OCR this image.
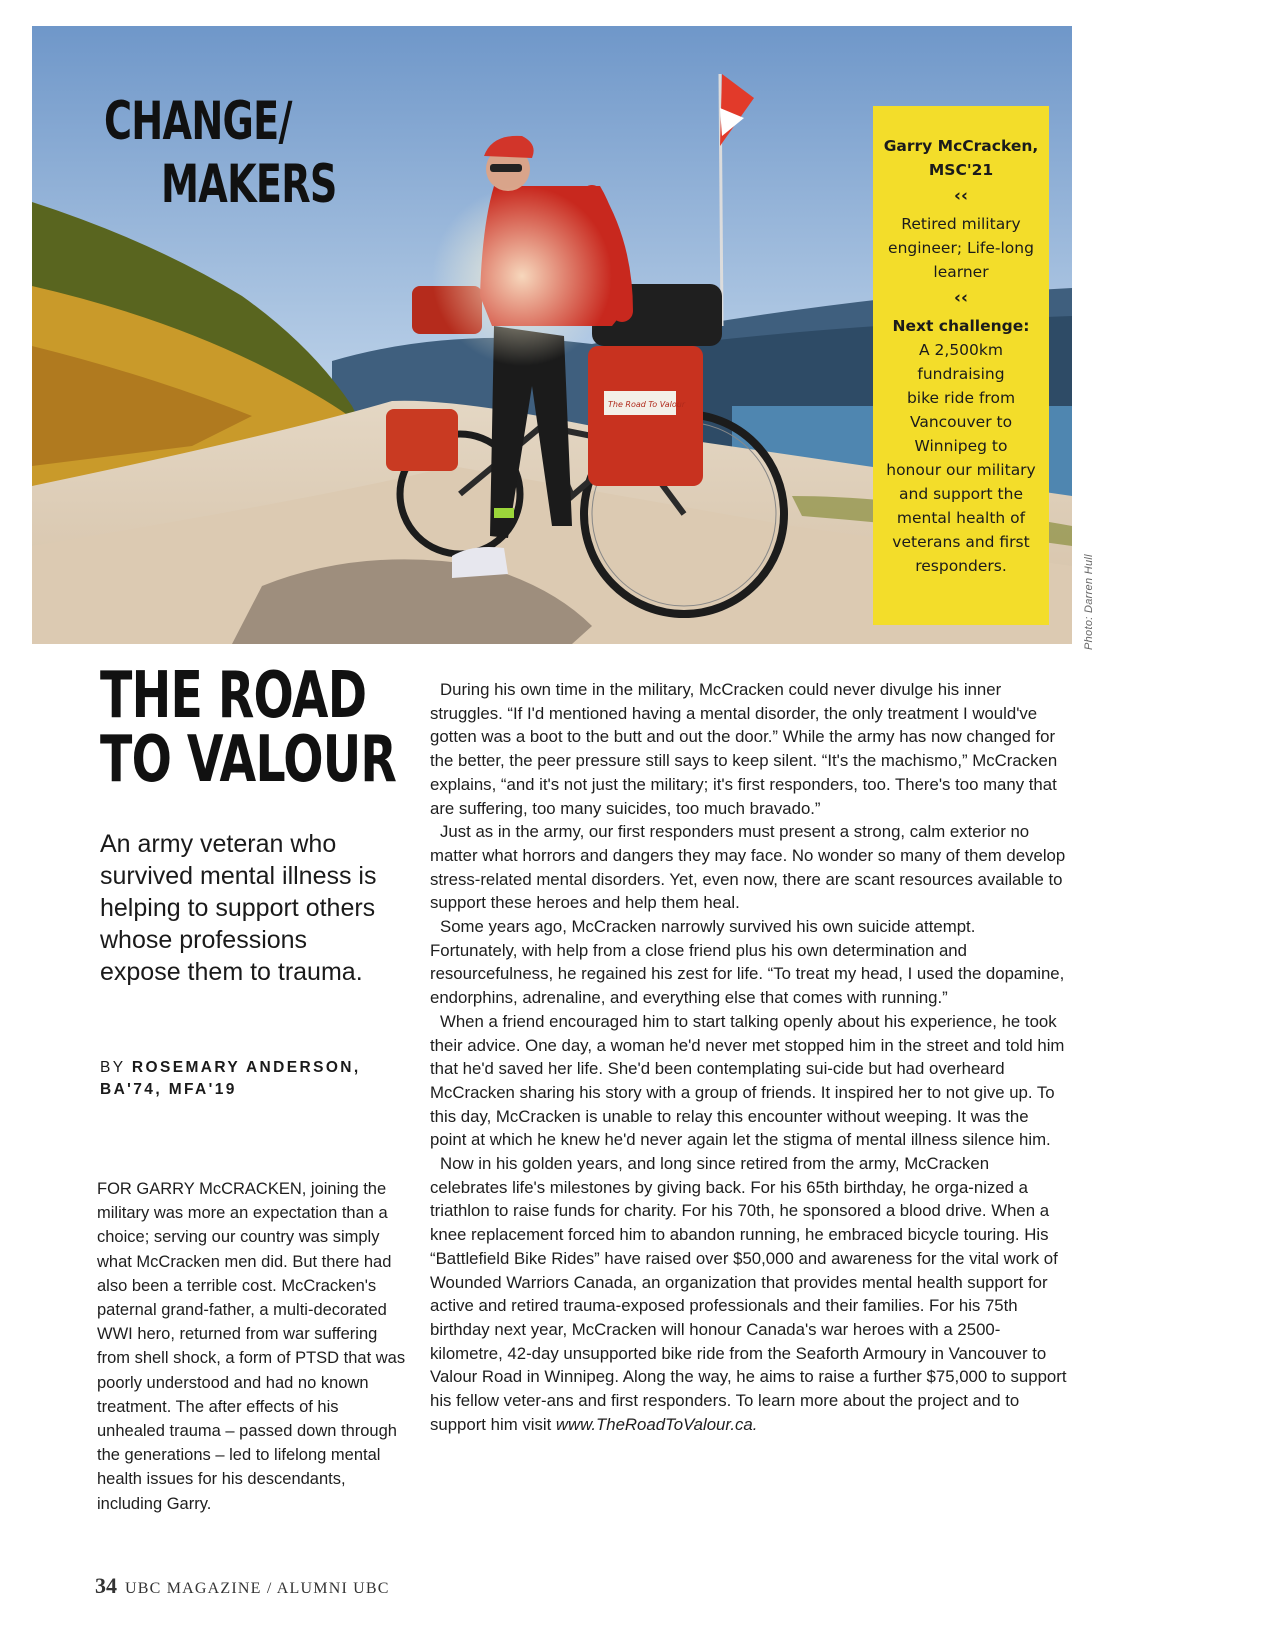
The Road To Valour
CHANGE/
MAKERS
Garry McCracken,
MSC'21
‹‹
Retired military
engineer; Life-long
learner
‹‹
Next challenge:
A 2,500km
fundraising
bike ride from
Vancouver to
Winnipeg to
honour our military
and support the
mental health of
veterans and first
responders.	Photo: Darren Hull
THE ROAD
TO VALOUR
An army veteran who survived mental illness is helping to support others whose professions expose them to trauma.
BY ROSEMARY ANDERSON,
BA'74, MFA'19

FOR GARRY McCRACKEN, joining the military was more an expectation than a choice; serving our country was simply what McCracken men did. But there had also been a terrible cost. McCracken's paternal grand-father, a multi-decorated WWI hero, returned from war suffering from shell shock, a form of PTSD that was poorly understood and had no known treatment. The after effects of his unhealed trauma – passed down through the generations – led to lifelong mental health issues for his descendants, including Garry.

During his own time in the military, McCracken could never divulge his inner struggles. “If I'd mentioned having a mental disorder, the only treatment I would've gotten was a boot to the butt and out the door.” While the army has now changed for the better, the peer pressure still says to keep silent. “It's the machismo,” McCracken explains, “and it's not just the military; it's first responders, too. There's too many that are suffering, too many suicides, too much bravado.”

Just as in the army, our first responders must present a strong, calm exterior no matter what horrors and dangers they may face. No wonder so many of them develop stress-related mental disorders. Yet, even now, there are scant resources available to support these heroes and help them heal.

Some years ago, McCracken narrowly survived his own suicide attempt. Fortunately, with help from a close friend plus his own determination and resourcefulness, he regained his zest for life. “To treat my head, I used the dopamine, endorphins, adrenaline, and everything else that comes with running.”

When a friend encouraged him to start talking openly about his experience, he took their advice. One day, a woman he'd never met stopped him in the street and told him that he'd saved her life. She'd been contemplating sui-cide but had overheard McCracken sharing his story with a group of friends. It inspired her to not give up. To this day, McCracken is unable to relay this encounter without weeping. It was the point at which he knew he'd never again let the stigma of mental illness silence him.

Now in his golden years, and long since retired from the army, McCracken celebrates life's milestones by giving back. For his 65th birthday, he orga-nized a triathlon to raise funds for charity. For his 70th, he sponsored a blood drive. When a knee replacement forced him to abandon running, he embraced bicycle touring. His “Battlefield Bike Rides” have raised over $50,000 and awareness for the vital work of Wounded Warriors Canada, an organization that provides mental health support for active and retired trauma-exposed professionals and their families. For his 75th birthday next year, McCracken will honour Canada's war heroes with a 2500-kilometre, 42-day unsupported bike ride from the Seaforth Armoury in Vancouver to Valour Road in Winnipeg. Along the way, he aims to raise a further $75,000 to support his fellow veter-ans and first responders. To learn more about the project and to support him visit www.TheRoadToValour.ca.

34 UBC MAGAZINE / ALUMNI UBC
